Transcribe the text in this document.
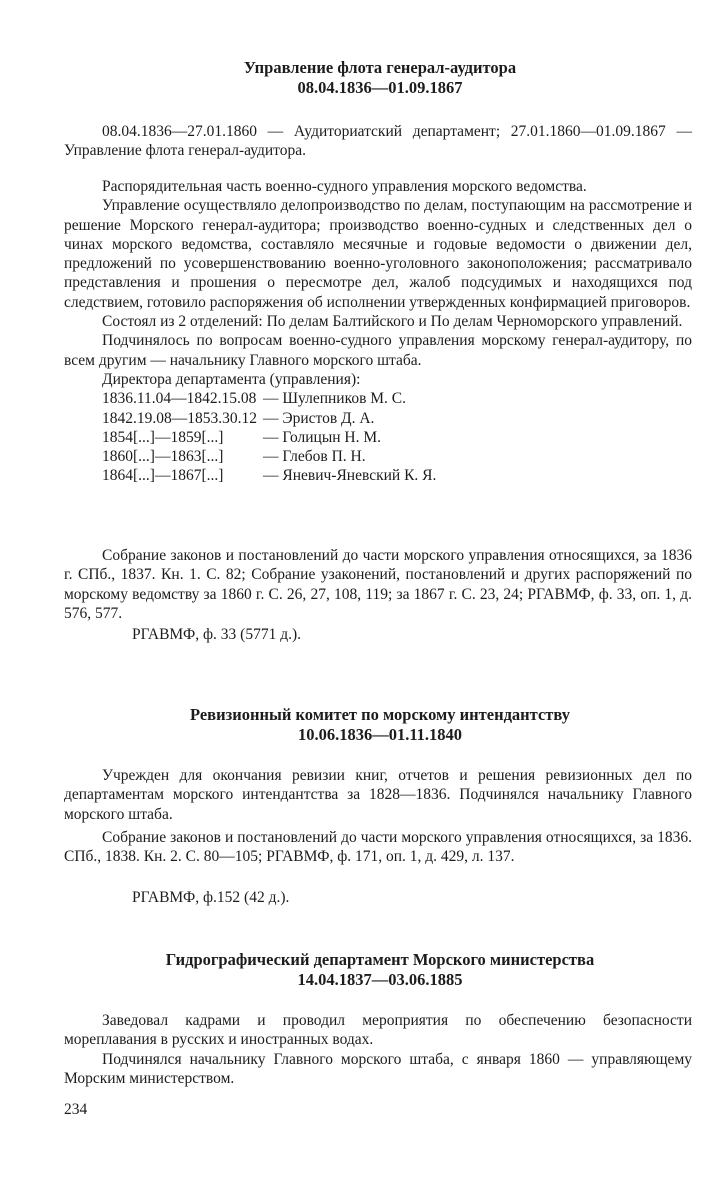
Управление флота генерал-аудитора
08.04.1836—01.09.1867

08.04.1836—27.01.1860 — Аудиториатский департамент; 27.01.1860—01.09.1867 — Управление флота генерал-аудитора.

Распорядительная часть военно-судного управления морского ведомства.

Управление осуществляло делопроизводство по делам, поступающим на рассмотрение и решение Морского генерал-аудитора; производство военно-судных и следственных дел о чинах морского ведомства, составляло месячные и годовые ведомости о движении дел, предложений по усовершенствованию военно-уголовного законоположения; рассматривало представления и прошения о пересмотре дел, жалоб подсудимых и находящихся под следствием, готовило распоряжения об исполнении утвержденных конфирмацией приговоров.

Состоял из 2 отделений: По делам Балтийского и По делам Черноморского управлений.

Подчинялось по вопросам военно-судного управления морскому генерал-аудитору, по всем другим — начальнику Главного морского штаба.

Директора департамента (управления):

1836.11.04—1842.15.08 — Шулепников М. С.
1842.19.08—1853.30.12 — Эристов Д. А.
1854[...]—1859[...]	— Голицын Н. М.
1860[...]—1863[...]	— Глебов П. Н.
1864[...]—1867[...]	— Яневич-Яневский К. Я.

Собрание законов и постановлений до части морского управления относящихся, за 1836 г. СПб., 1837. Кн. 1. С. 82; Собрание узаконений, постановлений и других распоряжений по морскому ведомству за 1860 г. С. 26, 27, 108, 119; за 1867 г. С. 23, 24; РГАВМФ, ф. 33, оп. 1, д. 576, 577.

РГАВМФ, ф. 33 (5771 д.).

Ревизионный комитет по морскому интендантству
10.06.1836—01.11.1840

Учрежден для окончания ревизии книг, отчетов и решения ревизионных дел по департаментам морского интендантства за 1828—1836. Подчинялся начальнику Главного морского штаба.

Собрание законов и постановлений до части морского управления относящихся, за 1836. СПб., 1838. Кн. 2. С. 80—105; РГАВМФ, ф. 171, оп. 1, д. 429, л. 137.

РГАВМФ, ф.152 (42 д.).

Гидрографический департамент Морского министерства
14.04.1837—03.06.1885

Заведовал кадрами и проводил мероприятия по обеспечению безопасности мореплавания в русских и иностранных водах.

Подчинялся начальнику Главного морского штаба, с января 1860 — управляющему Морским министерством.

234
